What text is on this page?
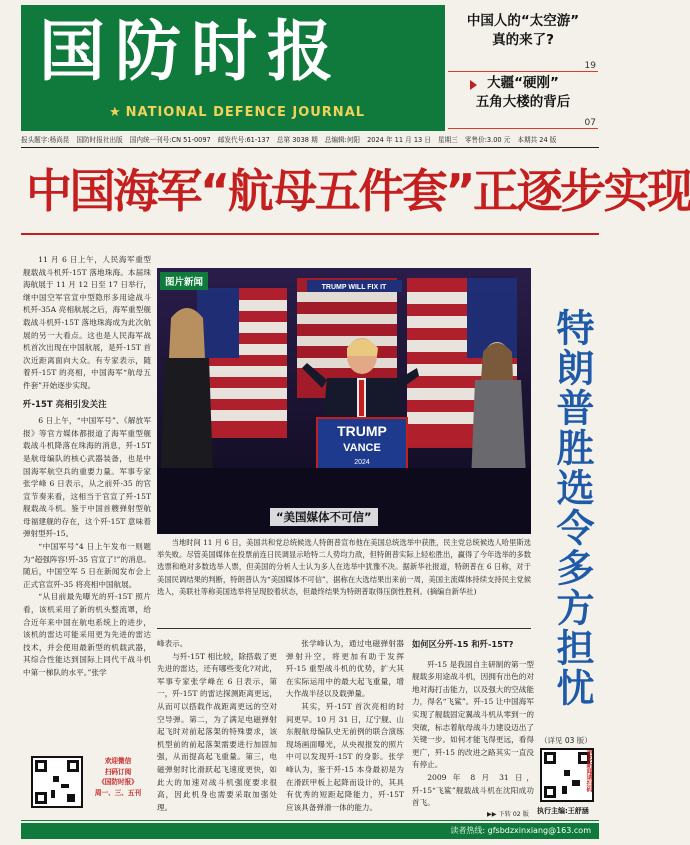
国防时报
★ NATIONAL DEFENCE JOURNAL
中国人的“太空游”
真的来了?
19
大疆“硬刚”
五角大楼的背后
07
报头题字:杨尚昆 国防时报社出版 国内统一刊号:CN 51-0097 邮发代号:61-137 总第 3038 期 总编辑:何阳 2024 年 11 月 13 日 星期三 零售价:3.00 元 本期共 24 版
中国海军“航母五件套”正逐步实现

11 月 6 日上午，人民海军重型舰载战斗机歼-15T 落地珠海。本届珠海航展于 11 月 12 日至 17 日举行，继中国空军官宣中型隐形多用途战斗机歼-35A 亮相航展之后，海军重型舰载战斗机歼-15T 落地珠海成为此次航展的另一大看点。这也是人民海军战机首次出现在中国航展，是歼-15T 首次近距离面向大众。有专家表示，随着歼-15T 的亮相，中国海军“航母五件套”开始逐步实现。

歼-15T 亮相引发关注

6 日上午，“中国军号”、《解放军报》等官方媒体都报道了海军重型舰载战斗机降落在珠海的消息，歼-15T 是航母编队的核心武器装备，也是中国海军航空兵的重要力量。军事专家张学峰 6 日表示，从之前歼-35 的官宣节奏来看，这相当于官宣了歼-15T 舰载战斗机。鉴于中国首艘弹射型航母福建舰的存在，这个歼-15T 意味着弹射型歼-15。

“中国军号”4 日上午发布一则题为“超强阵容!歼-35 官宣了!”的消息。随后，中国空军 5 日在新闻发布会上正式官宣歼-35 将亮相中国航展。

“从目前最先曝光的歼-15T 照片看，该机采用了新的机头整流罩，给合近年来中国在航电系统上的进步，该机的雷达可能采用更为先进的雷达技术，并会使用最新型的机载武器，其综合性能达到国际上同代干战斗机中第一梯队的水平。”张学

TRUMP WILL FIX IT
TRUMP
VANCE
2024
图片新闻
“美国媒体不可信”	特朗普胜选令多方担忧
（详见 03 版）
当地时间 11 月 6 日，美国共和党总统候选人特朗普宣布他在美国总统选举中获胜，民主党总统候选人哈里斯选举失败。尽管美国媒体在投票前连日民调显示哈特二人势均力敌，但特朗普实际上轻松胜出，赢得了今年选举的多数选票和绝对多数选举人票，但美国的分析人士认为多人在选举中犹豫不决。据新华社报道，特朗普在 6 日称，对于美国民调结果的判断，特朗普认为“美国媒体不可信”，据称在大选结果出来前一周，美国主流媒体持续支持民主党候选人，美联社等称美国选举将呈现胶着状态，但最终结果为特朗普取得压倒性胜利。(摘编自新华社)

峰表示。

与歼-15T 相比较，除搭载了更先进的雷达，还有哪些变化?对此，军事专家张学峰在 6 日表示，第一，歼-15T 的雷达探测距离更远，从而可以搭载作战距离更远的空对空导弹。第二，为了满足电磁弹射起飞时对前起落架的特殊要求，该机型前的前起落架需要进行加固加强，从而提高起飞重量。第三，电磁弹射时比滑跃起飞速度更快，如此大的加速对战斗机强度要求很高，因此机身也需要采取加强处理。

张学峰认为，通过电磁弹射器弹射升空，将更加有助于发挥歼-15 重型战斗机的优势，扩大其在实际运用中的最大起飞重量，增大作战半径以及载弹量。

其实，歼-15T 首次亮相的时间更早。10 月 31 日，辽宁舰、山东舰航母编队史无前例的联合演练现场画面曝光，从央视报发的照片中可以发现歼-15T 的身影。张学峰认为，鉴于歼-15 本身最初是为在滑跃甲板上起降而设计的，其具有优秀的短距起降能力，歼-15T 应该具备弹滑一体的能力。

如何区分歼-15 和歼-15T?

歼-15 是我国自主研制的第一型舰载多用途战斗机，因拥有出色的对地对海打击能力，以及强大的空战能力，得名“飞鲨”。歼-15 让中国海军实现了舰载固定翼战斗机从零到一的突破，标志着航母战斗力建设迈出了关键一步。如何才能飞得更远，看得更广，歼-15 的改进之路其实一直没有停止。

2009 年 8 月 31 日，歼-15“飞鲨”舰载战斗机在沈阳成功首飞。

欢迎微信
扫码订阅
《国防时报》
周一、三、五刊
更多新闻请扫码
▶▶ 下转 02 版 执行主编:王舒涵
读者热线: gfsbdzxinxiang@163.com
